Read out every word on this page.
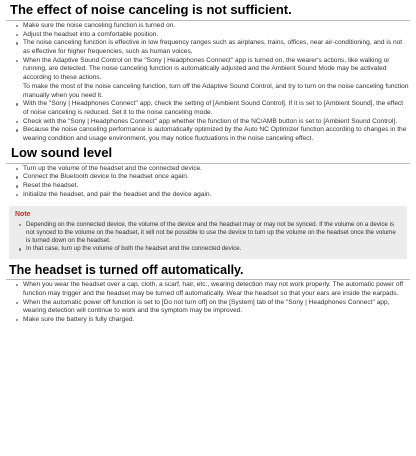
The effect of noise canceling is not sufficient.

Make sure the noise canceling function is turned on.

Adjust the headset into a comfortable position.

The noise canceling function is effective in low frequency ranges such as airplanes, trains, offices, near air-conditioning, and is not as effective for higher frequencies, such as human voices.

When the Adaptive Sound Control on the "Sony | Headphones Connect" app is turned on, the wearer's actions, like walking or running, are detected. The noise canceling function is automatically adjusted and the Ambient Sound Mode may be activated according to these actions.

To make the most of the noise canceling function, turn off the Adaptive Sound Control, and try to turn on the noise canceling function manually when you need it.

With the "Sony | Headphones Connect" app, check the setting of [Ambient Sound Control]. If it is set to [Ambient Sound], the effect of noise canceling is reduced. Set it to the noise canceling mode.

Check with the "Sony | Headphones Connect" app whether the function of the NC/AMB button is set to [Ambient Sound Control].

Because the noise canceling performance is automatically optimized by the Auto NC Optimizer function according to changes in the wearing condition and usage environment, you may notice fluctuations in the noise canceling effect.

Low sound level

Turn up the volume of the headset and the connected device.

Connect the Bluetooth device to the headset once again.

Reset the headset.

Initialize the headset, and pair the headset and the device again.

Note

Depending on the connected device, the volume of the device and the headset may or may not be synced. If the volume on a device is not synced to the volume on the headset, it will not be possible to use the device to turn up the volume on the headset once the volume is turned down on the headset.

In that case, turn up the volume of both the headset and the connected device.

The headset is turned off automatically.

When you wear the headset over a cap, cloth, a scarf, hair, etc., wearing detection may not work properly. The automatic power off function may trigger and the headset may be turned off automatically. Wear the headset so that your ears are inside the earpads.

When the automatic power off function is set to [Do not turn off] on the [System] tab of the "Sony | Headphones Connect" app, wearing detection will continue to work and the symptom may be improved.

Make sure the battery is fully charged.
